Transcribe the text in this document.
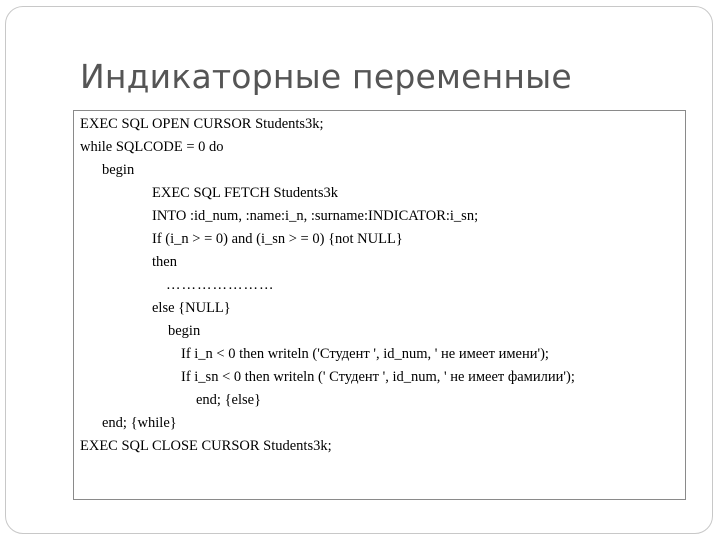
Индикаторные переменные
EXEC SQL OPEN CURSOR Students3k;
while SQLCODE = 0 do
begin
EXEC SQL FETCH Students3k
INTO :id_num, :name:i_n, :surname:INDICATOR:i_sn;
If (i_n > = 0) and (i_sn > = 0) {not NULL}
then
…………………
else {NULL}
begin
If i_n < 0 then writeln ('Студент ', id_num, ' не имеет имени');
If i_sn < 0 then writeln (' Студент ', id_num, ' не имеет фамилии');
end; {else}
end; {while}
EXEC SQL CLOSE CURSOR Students3k;
